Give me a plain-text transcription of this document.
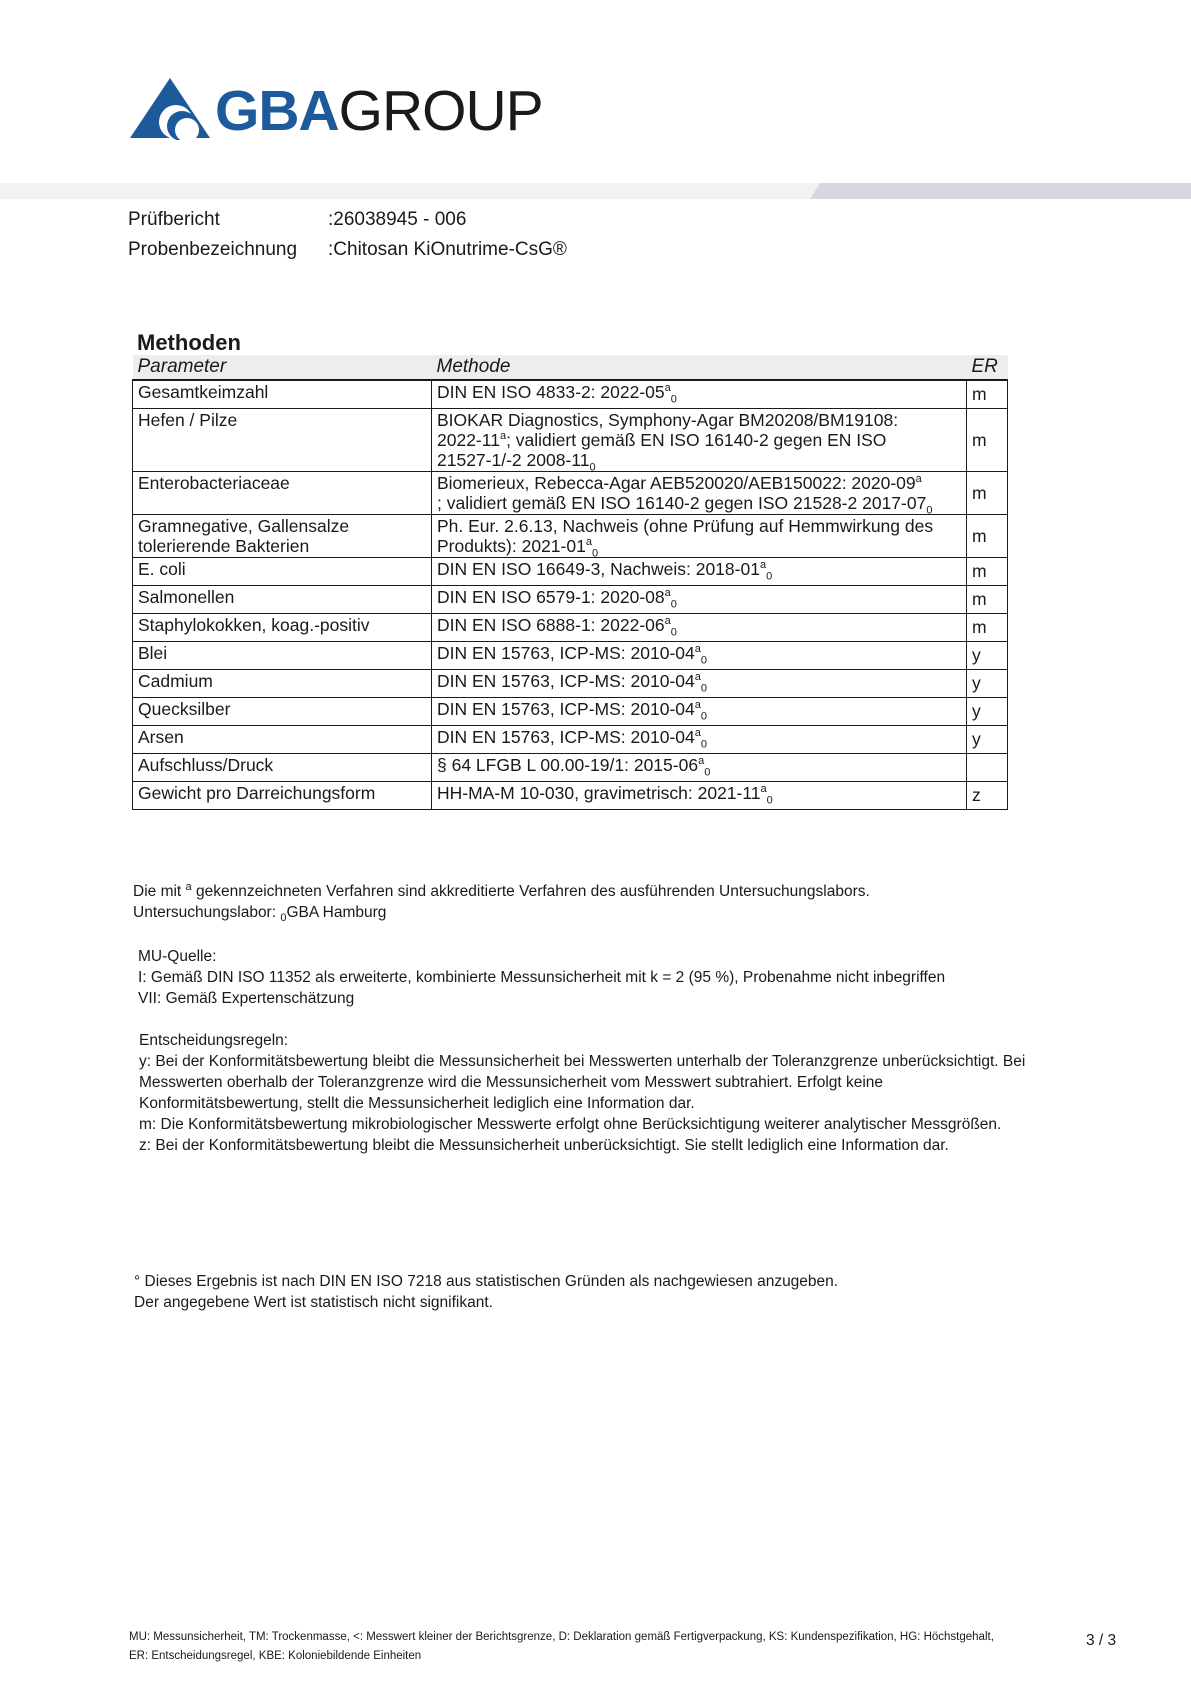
GBAGROUP
Prüfbericht	:26038945 - 006
Probenbezeichnung :Chitosan KiOnutrime-CsG®
Methoden
Parameter	Methode	ER
Gesamtkeimzahl	DIN EN ISO 4833-2: $2022-05^a_0$	m
Hefen / Pilze	BIOKAR Diagnostics, Symphony-Agar BM20208/BM19108:
2022-11$^a$; validiert gemäß EN ISO 16140-2 gegen EN ISO
21527-1/-2 $2008-11_0$	m
Enterobacteriaceae	Biomerieux, Rebecca-Agar AEB520020/AEB150022: 2020-09$^a$
; validiert gemäß EN ISO 16140-2 gegen ISO 21528-2 $2017-07_0$	m
Gramnegative, Gallensalze tolerierende Bakterien	Ph. Eur. 2.6.13, Nachweis (ohne Prüfung auf Hemmwirkung des
Produkts): $2021-01^a_0$	m
E. coli	DIN EN ISO 16649-3, Nachweis: $2018-01^a_0$	m
Salmonellen	DIN EN ISO 6579-1: $2020-08^a_0$	m
Staphylokokken, koag.-positiv	DIN EN ISO 6888-1: $2022-06^a_0$	m
Blei	DIN EN 15763, ICP-MS: $2010-04^a_0$	y
Cadmium	DIN EN 15763, ICP-MS: $2010-04^a_0$	y
Quecksilber	DIN EN 15763, ICP-MS: $2010-04^a_0$	y
Arsen	DIN EN 15763, ICP-MS: $2010-04^a_0$	y
Aufschluss/Druck	§ 64 LFGB L 00.00-19/1: $2015-06^a_0$	
Gewicht pro Darreichungsform	HH-MA-M 10-030, gravimetrisch: $2021-11^a_0$	z
Die mit $^a$ gekennzeichneten Verfahren sind akkreditierte Verfahren des ausführenden Untersuchungslabors.
Untersuchungslabor: $_0$GBA Hamburg
MU-Quelle:
I: Gemäß DIN ISO 11352 als erweiterte, kombinierte Messunsicherheit mit k = 2 (95 %), Probenahme nicht inbegriffen
VII: Gemäß Expertenschätzung
Entscheidungsregeln:
y: Bei der Konformitätsbewertung bleibt die Messunsicherheit bei Messwerten unterhalb der Toleranzgrenze unberücksichtigt. Bei
Messwerten oberhalb der Toleranzgrenze wird die Messunsicherheit vom Messwert subtrahiert. Erfolgt keine
Konformitätsbewertung, stellt die Messunsicherheit lediglich eine Information dar.
m: Die Konformitätsbewertung mikrobiologischer Messwerte erfolgt ohne Berücksichtigung weiterer analytischer Messgrößen.
z: Bei der Konformitätsbewertung bleibt die Messunsicherheit unberücksichtigt. Sie stellt lediglich eine Information dar.
° Dieses Ergebnis ist nach DIN EN ISO 7218 aus statistischen Gründen als nachgewiesen anzugeben.
Der angegebene Wert ist statistisch nicht signifikant.
MU: Messunsicherheit, TM: Trockenmasse, <: Messwert kleiner der Berichtsgrenze, D: Deklaration gemäß Fertigverpackung, KS: Kundenspezifikation, HG: Höchstgehalt,
ER: Entscheidungsregel, KBE: Koloniebildende Einheiten
3 / 3
